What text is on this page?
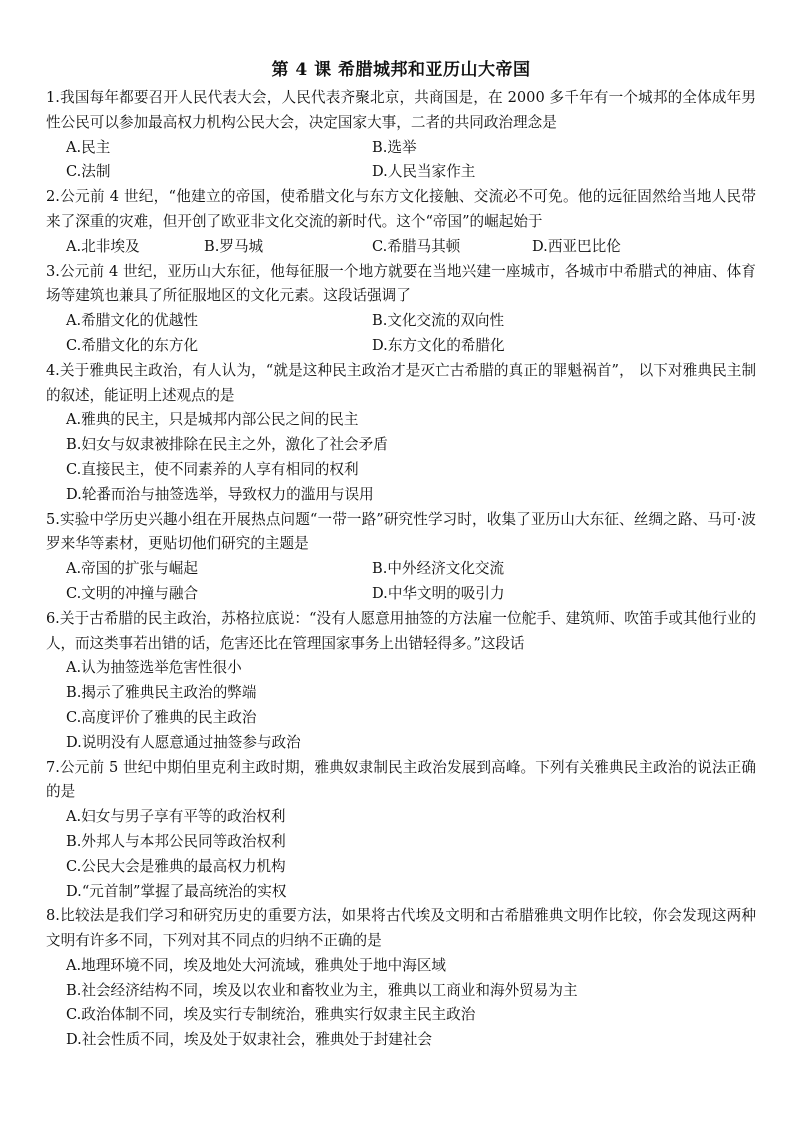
第 4 课 希腊城邦和亚历山大帝国
1.我国每年都要召开人民代表大会，人民代表齐聚北京，共商国是，在 2000 多千年有一个城邦的全体成年男性公民可以参加最高权力机构公民大会，决定国家大事，二者的共同政治理念是
A.民主	B.选举
C.法制	D.人民当家作主
2.公元前 4 世纪，“他建立的帝国，使希腊文化与东方文化接触、交流必不可免。他的远征固然给当地人民带来了深重的灾难，但开创了欧亚非文化交流的新时代。这个“帝国”的崛起始于
A.北非埃及	B.罗马城	C.希腊马其顿	D.西亚巴比伦
3.公元前 4 世纪，亚历山大东征，他每征服一个地方就要在当地兴建一座城市，各城市中希腊式的神庙、体育场等建筑也兼具了所征服地区的文化元素。这段话强调了
A.希腊文化的优越性	B.文化交流的双向性
C.希腊文化的东方化	D.东方文化的希腊化
4.关于雅典民主政治，有人认为，“就是这种民主政治才是灭亡古希腊的真正的罪魁祸首”， 以下对雅典民主制的叙述，能证明上述观点的是
A.雅典的民主，只是城邦内部公民之间的民主
B.妇女与奴隶被排除在民主之外，激化了社会矛盾
C.直接民主，使不同素养的人享有相同的权利
D.轮番而治与抽签选举，导致权力的滥用与误用
5.实验中学历史兴趣小组在开展热点问题“一带一路”研究性学习时，收集了亚历山大东征、丝绸之路、马可·波罗来华等素材，更贴切他们研究的主题是
A.帝国的扩张与崛起	B.中外经济文化交流
C.文明的冲撞与融合	D.中华文明的吸引力
6.关于古希腊的民主政治，苏格拉底说：“没有人愿意用抽签的方法雇一位舵手、建筑师、吹笛手或其他行业的人，而这类事若出错的话，危害还比在管理国家事务上出错轻得多。”这段话
A.认为抽签选举危害性很小
B.揭示了雅典民主政治的弊端
C.高度评价了雅典的民主政治
D.说明没有人愿意通过抽签参与政治
7.公元前 5 世纪中期伯里克利主政时期，雅典奴隶制民主政治发展到高峰。下列有关雅典民主政治的说法正确的是
A.妇女与男子享有平等的政治权利
B.外邦人与本邦公民同等政治权利
C.公民大会是雅典的最高权力机构
D.“元首制”掌握了最高统治的实权
8.比较法是我们学习和研究历史的重要方法，如果将古代埃及文明和古希腊雅典文明作比较，你会发现这两种文明有许多不同，下列对其不同点的归纳不正确的是
A.地理环境不同，埃及地处大河流域，雅典处于地中海区域
B.社会经济结构不同，埃及以农业和畜牧业为主，雅典以工商业和海外贸易为主
C.政治体制不同，埃及实行专制统治，雅典实行奴隶主民主政治
D.社会性质不同，埃及处于奴隶社会，雅典处于封建社会
